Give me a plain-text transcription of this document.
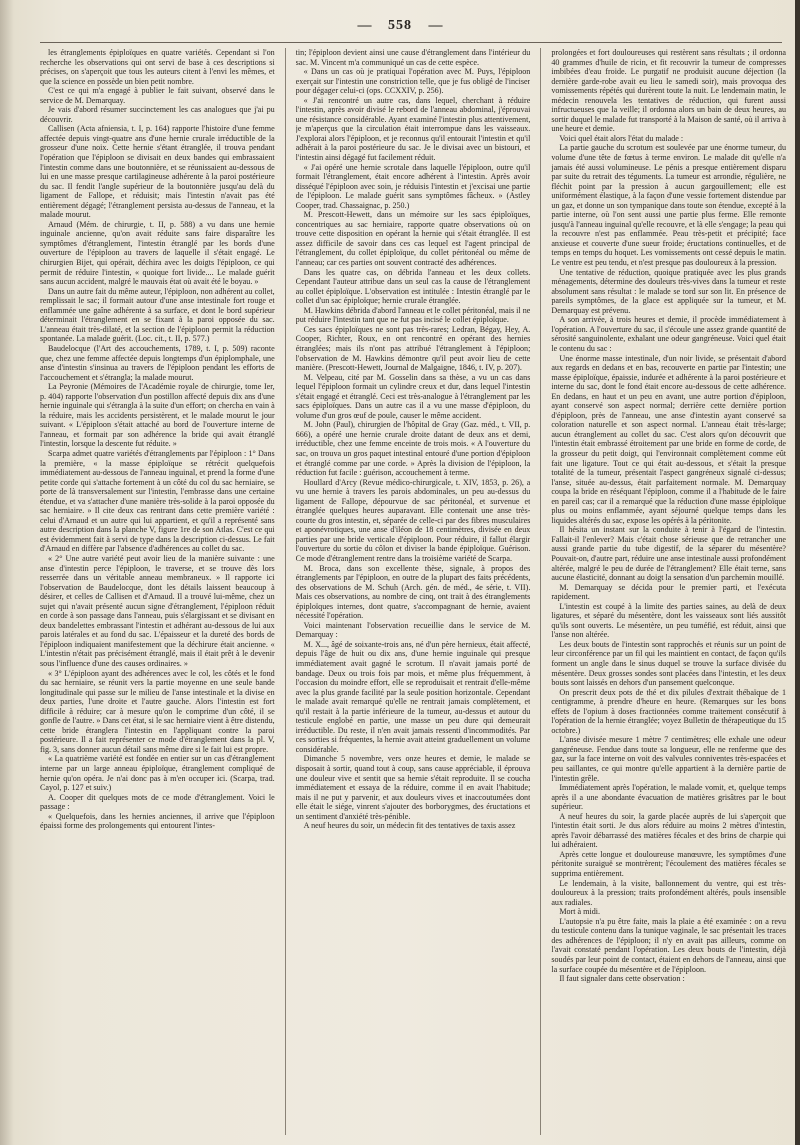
— 558 —

les étranglements épiploïques en quatre variétés. Cependant si l'on recherche les observations qui ont servi de base à ces descriptions si précises, on s'aperçoit que tous les auteurs citent à l'envi les mêmes, et que la science en possède un bien petit nombre.

C'est ce qui m'a engagé à publier le fait suivant, observé dans le service de M. Demarquay.

Je vais d'abord résumer succinctement les cas analogues que j'ai pu découvrir.

Callisen (Acta afniensia, t. I, p. 164) rapporte l'histoire d'une femme affectée depuis vingt-quatre ans d'une hernie crurale irréductible de la grosseur d'une noix. Cette hernie s'étant étranglée, il trouva pendant l'opération que l'épiploon se divisait en deux bandes qui embrassaient l'intestin comme dans une boutonnière, et se réunissaient au-dessous de lui en une masse presque cartilagineuse adhérente à la paroi postérieure du sac. Il fendit l'angle supérieur de la boutonnière jusqu'au delà du ligament de Fallope, et réduisit; mais l'intestin n'avait pas été entièrement dégagé; l'étranglement persista au-dessus de l'anneau, et la malade mourut.

Arnaud (Mém. de chirurgie, t. II, p. 588) a vu dans une hernie inguinale ancienne, qu'on avait réduite sans faire disparaître les symptômes d'étranglement, l'intestin étranglé par les bords d'une ouverture de l'épiploon au travers de laquelle il s'était engagé. Le chirurgien Bijet, qui opérait, déchira avec les doigts l'épiploon, ce qui permit de réduire l'intestin, « quoique fort livide.... Le malade guérit sans aucun accident, malgré le mauvais état où avait été le boyau. »

Dans un autre fait du même auteur, l'épiploon, non adhérent au collet, remplissait le sac; il formait autour d'une anse intestinale fort rouge et enflammée une gaîne adhérente à sa surface, et dont le bord supérieur déterminait l'étranglement en se fixant à la paroi opposée du sac. L'anneau était très-dilaté, et la section de l'épiploon permit la réduction spontanée. La malade guérit. (Loc. cit., t. II, p. 577.)

Baudelocque (l'Art des accouchements, 1789, t. I, p. 509) raconte que, chez une femme affectée depuis longtemps d'un épiplomphale, une anse d'intestin s'insinua au travers de l'épiploon pendant les efforts de l'accouchement et s'étrangla; la malade mourut.

La Peyronie (Mémoires de l'Académie royale de chirurgie, tome Ier, p. 404) rapporte l'observation d'un postillon affecté depuis dix ans d'une hernie inguinale qui s'étrangla à la suite d'un effort; on chercha en vain à la réduire, mais les accidents persistèrent, et le malade mourut le jour suivant. « L'épiploon s'était attaché au bord de l'ouverture interne de l'anneau, et formait par son adhérence la bride qui avait étranglé l'intestin, lorsque la descente fut réduite. »

Scarpa admet quatre variétés d'étranglements par l'épiploon : 1° Dans la première, « la masse épiploïque se rétrécit quelquefois immédiatement au-dessous de l'anneau inguinal, et prend la forme d'une petite corde qui s'attache fortement à un côté du col du sac herniaire, se porte de là transversalement sur l'intestin, l'embrasse dans une certaine étendue, et va s'attacher d'une manière très-solide à la paroi opposée du sac herniaire. » Il cite deux cas rentrant dans cette première variété : celui d'Arnaud et un autre qui lui appartient, et qu'il a représenté sans autre description dans la planche V, figure 1re de son Atlas. C'est ce qui est évidemment fait à servi de type dans la description ci-dessus. Le fait d'Arnaud en diffère par l'absence d'adhérences au collet du sac.

« 2° Une autre variété peut avoir lieu de la manière suivante : une anse d'intestin perce l'épiploon, le traverse, et se trouve dès lors resserrée dans un véritable anneau membraneux. » Il rapporte ici l'observation de Baudelocque, dont les détails laissent beaucoup à désirer, et celles de Callisen et d'Arnaud. Il a trouvé lui-même, chez un sujet qui n'avait présenté aucun signe d'étranglement, l'épiploon réduit en corde à son passage dans l'anneau, puis s'élargissant et se divisant en deux bandelettes embrassant l'intestin et adhérant au-dessous de lui aux parois latérales et au fond du sac. L'épaisseur et la dureté des bords de l'épiploon indiquaient manifestement que la déchirure était ancienne. « L'intestin n'était pas précisément étranglé, mais il était prêt à le devenir sous l'influence d'une des causes ordinaires. »

« 3° L'épiploon ayant des adhérences avec le col, les côtés et le fond du sac herniaire, se réunit vers la partie moyenne en une seule bande longitudinale qui passe sur le milieu de l'anse intestinale et la divise en deux parties, l'une droite et l'autre gauche. Alors l'intestin est fort difficile à réduire; car à mesure qu'on le comprime d'un côté, il se gonfle de l'autre. » Dans cet état, si le sac herniaire vient à être distendu, cette bride étranglera l'intestin en l'appliquant contre la paroi postérieure. Il a fait représenter ce mode d'étranglement dans la pl. V, fig. 3, sans donner aucun détail sans même dire si le fait lui est propre.

« La quatrième variété est fondée en entier sur un cas d'étranglement interne par un large anneau épiploïque, étranglement compliqué de hernie qu'on opéra. Je n'ai donc pas à m'en occuper ici. (Scarpa, trad. Cayol, p. 127 et suiv.)

A. Cooper dit quelques mots de ce mode d'étranglement. Voici le passage :

« Quelquefois, dans les hernies anciennes, il arrive que l'épiploon épaissi forme des prolongements qui entourent l'intes-

tin; l'épiploon devient ainsi une cause d'étranglement dans l'intérieur du sac. M. Vincent m'a communiqué un cas de cette espèce.

« Dans un cas où je pratiquai l'opération avec M. Puys, l'épiploon exerçait sur l'intestin une constriction telle, que je fus obligé de l'inciser pour dégager celui-ci (ops. CCXXIV, p. 256).

« J'ai rencontré un autre cas, dans lequel, cherchant à réduire l'intestin, après avoir divisé le rebord de l'anneau abdominal, j'éprouvai une résistance considérable. Ayant examiné l'intestin plus attentivement, je m'aperçus que la circulation était interrompue dans les vaisseaux. J'explorai alors l'épiploon, et je reconnus qu'il entourait l'intestin et qu'il adhérait à la paroi postérieure du sac. Je le divisai avec un bistouri, et l'intestin ainsi dégagé fut facilement réduit.

« J'ai opéré une hernie scrotale dans laquelle l'épiploon, outre qu'il formait l'étranglement, était encore adhérent à l'intestin. Après avoir disséqué l'épiploon avec soin, je réduisis l'intestin et j'excisai une partie de l'épiploon. Le malade guérit sans symptômes fâcheux. » (Astley Cooper, trad. Chassaignac, p. 250.)

M. Prescott-Hewett, dans un mémoire sur les sacs épiploïques, concentriques au sac herniaire, rapporte quatre observations où on trouve cette disposition en opérant la hernie qui s'était étranglée. Il est assez difficile de savoir dans ces cas lequel est l'agent principal de l'étranglement, du collet épiploïque, du collet péritonéal ou même de l'anneau; car ces parties ont souvent contracté des adhérences.

Dans les quatre cas, on débrida l'anneau et les deux collets. Cependant l'auteur attribue dans un seul cas la cause de l'étranglement au collet épiploïque. L'observation est intitulée : Intestin étranglé par le collet d'un sac épiploïque; hernie crurale étranglée.

M. Hawkins débrida d'abord l'anneau et le collet péritonéal, mais il ne put réduire l'intestin tant que ne fut pas incisé le collet épiploïque.

Ces sacs épiploïques ne sont pas très-rares; Ledran, Bégay, Hey, A. Cooper, Richter, Roux, en ont rencontré en opérant des hernies étranglées; mais ils n'ont pas attribué l'étranglement à l'épiploon; l'observation de M. Hawkins démontre qu'il peut avoir lieu de cette manière. (Prescott-Hewett, Journal de Malgaigne, 1846, t. IV, p. 207).

M. Velpeau, cité par M. Gosselin dans sa thèse, a vu un cas dans lequel l'épiploon formait un cylindre creux et dur, dans lequel l'intestin s'était engagé et étranglé. Ceci est très-analogue à l'étranglement par les sacs épiploïques. Dans un autre cas il a vu une masse d'épiploon, du volume d'un gros œuf de poule, causer le même accident.

M. John (Paul), chirurgien de l'hôpital de Gray (Gaz. méd., t. VII, p. 666), a opéré une hernie crurale droite datant de deux ans et demi, irréductible, chez une femme enceinte de trois mois. « A l'ouverture du sac, on trouva un gros paquet intestinal entouré d'une portion d'épiploon et étranglé comme par une corde. » Après la division de l'épiploon, la réduction fut facile : guérison, accouchement à terme.

Houllard d'Arcy (Revue médico-chirurgicale, t. XIV, 1853, p. 26), a vu une hernie à travers les parois abdominales, un peu au-dessus du ligament de Fallope, dépourvue de sac péritonéal, et survenue et étranglée quelques heures auparavant. Elle contenait une anse très-courte du gros intestin, et, séparée de celle-ci par des fibres musculaires et aponévrotiques, une anse d'iléon de 18 centimètres, divisée en deux parties par une bride verticale d'épiploon. Pour réduire, il fallut élargir l'ouverture du sortie du côlon et diviser la bande épiploïque. Guérison. Ce mode d'étranglement rentre dans la troisième variété de Scarpa.

M. Broca, dans son excellente thèse, signale, à propos des étranglements par l'épiploon, en outre de la plupart des faits précédents, des observations de M. Schuh (Arch. gén. de méd., 4e série, t. VII). Mais ces observations, au nombre de cinq, ont trait à des étranglements épiploïques internes, dont quatre, s'accompagnant de hernie, avaient nécessité l'opération.

Voici maintenant l'observation recueillie dans le service de M. Demarquay :

M. X..., âgé de soixante-trois ans, né d'un père hernieux, était affecté, depuis l'âge de huit ou dix ans, d'une hernie inguinale qui presque immédiatement avait gagné le scrotum. Il n'avait jamais porté de bandage. Deux ou trois fois par mois, et même plus fréquemment, à l'occasion du moindre effort, elle se reproduisait et rentrait d'elle-même avec la plus grande facilité par la seule position horizontale. Cependant le malade avait remarqué qu'elle ne rentrait jamais complètement, et qu'il restait à la partie inférieure de la tumeur, au-dessus et autour du testicule englobé en partie, une masse un peu dure qui demeurait irréductible. Du reste, il n'en avait jamais ressenti d'incommodités. Par ces sorties si fréquentes, la hernie avait atteint graduellement un volume considérable.

Dimanche 5 novembre, vers onze heures et demie, le malade se disposait à sortir, quand tout à coup, sans cause appréciable, il éprouva une douleur vive et sentit que sa hernie s'était reproduite. Il se coucha immédiatement et essaya de la réduire, comme il en avait l'habitude; mais il ne put y parvenir, et aux douleurs vives et inaccoutumées dont elle était le siége, vinrent s'ajouter des borborygmes, des éructations et un sentiment d'anxiété très-pénible.

A neuf heures du soir, un médecin fit des tentatives de taxis assez

prolongées et fort douloureuses qui restèrent sans résultats ; il ordonna 40 grammes d'huile de ricin, et fit recouvrir la tumeur de compresses imbibées d'eau froide. Le purgatif ne produisit aucune déjection (la dernière garde-robe avait eu lieu le samedi soir), mais provoqua des vomissements répétés qui durèrent toute la nuit. Le lendemain matin, le médecin renouvela les tentatives de réduction, qui furent aussi infructueuses que la veille; il ordonna alors un bain de deux heures, au sortir duquel le malade fut transporté à la Maison de santé, où il arriva à une heure et demie.

Voici quel était alors l'état du malade :

La partie gauche du scrotum est soulevée par une énorme tumeur, du volume d'une tête de fœtus à terme environ. Le malade dit qu'elle n'a jamais été aussi volumineuse. Le pénis a presque entièrement disparu par suite du retrait des téguments. La tumeur est arrondie, régulière, ne fléchit point par la pression à aucun gargouillement; elle est uniformément élastique, à la façon d'une vessie fortement distendue par un gaz, et donne un son tympanique dans toute son étendue, excepté à la partie interne, où l'on sent aussi une partie plus ferme. Elle remonte jusqu'à l'anneau inguinal qu'elle recouvre, et là elle s'engage; la peau qui la recouvre n'est pas enflammée. Peau très-petit et précipité; face anxieuse et couverte d'une sueur froide; éructations continuelles, et de temps en temps du hoquet. Les vomissements ont cessé depuis le matin. Le ventre est peu tendu, et n'est presque pas douloureux à la pression.

Une tentative de réduction, quoique pratiquée avec les plus grands ménagements, détermine des douleurs très-vives dans la tumeur et reste absolument sans résultat : le malade se tord sur son lit. En présence de pareils symptômes, de la glace est appliquée sur la tumeur, et M. Demarquay est prévenu.

A son arrivée, à trois heures et demie, il procède immédiatement à l'opération. A l'ouverture du sac, il s'écoule une assez grande quantité de sérosité sanguinolente, exhalant une odeur gangréneuse. Voici quel était le contenu du sac :

Une énorme masse intestinale, d'un noir livide, se présentait d'abord aux regards en dedans et en bas, recouverte en partie par l'intestin; une masse épiploïque, épaissie, indurée et adhérente à la paroi postérieure et interne du sac, dont le fond était encore au-dessous de cette adhérence. En dedans, en haut et un peu en avant, une autre portion d'épiploon, ayant conservé son aspect normal; derrière cette dernière portion d'épiploon, près de l'anneau, une anse d'intestin ayant conservé sa coloration naturelle et son aspect normal. L'anneau était très-large; aucun étranglement au collet du sac. C'est alors qu'on découvrit que l'intestin était embrassé étroitement par une bride en forme de corde, de la grosseur du petit doigt, qui l'environnait complètement comme eût fait une ligature. Tout ce qui était au-dessous, et s'était la presque totalité de la tumeur, présentait l'aspect gangréneux signalé ci-dessus; l'anse, située au-dessus, était parfaitement normale. M. Demarquay coupa la bride en réséquant l'épiploon, comme il a l'habitude de le faire en pareil cas; car il a remarqué que la réduction d'une masse épiploïque plus ou moins enflammée, ayant séjourné quelque temps dans les liquides altérés du sac, expose les opérés à la péritonite.

Il hésita un instant sur la conduite à tenir à l'égard de l'intestin. Fallait-il l'enlever? Mais c'était chose sérieuse que de retrancher une aussi grande partie du tube digestif, de la séparer du mésentère? Pouvait-on, d'autre part, réduire une anse intestinale aussi profondément altérée, malgré le peu de durée de l'étranglement? Elle était terne, sans aucune élasticité, donnant au doigt la sensation d'un parchemin mouillé.

M. Demarquay se décida pour le premier parti, et l'exécuta rapidement.

L'intestin est coupé à la limite des parties saines, au delà de deux ligatures, et séparé du mésentère, dont les vaisseaux sont liés aussitôt qu'ils sont ouverts. Le mésentère, un peu tuméfié, est réduit, ainsi que l'anse non altérée.

Les deux bouts de l'intestin sont rapprochés et réunis sur un point de leur circonférence par un fil qui les maintient en contact, de façon qu'ils forment un angle dans le sinus duquel se trouve la surface divisée du mésentère. Deux grosses sondes sont placées dans l'intestin, et les deux bouts sont laissés en dehors d'un pansement quelconque.

On prescrit deux pots de thé et dix pilules d'extrait thébaïque de 1 centigramme, à prendre d'heure en heure. (Remarques sur les bons effets de l'opium à doses fractionnées comme traitement consécutif à l'opération de la hernie étranglée; voyez Bulletin de thérapeutique du 15 octobre.)

L'anse divisée mesure 1 mètre 7 centimètres; elle exhale une odeur gangréneuse. Fendue dans toute sa longueur, elle ne renferme que des gaz, sur la face interne on voit des valvules conniventes très-espacées et peu saillantes, ce qui montre qu'elle appartient à la dernière partie de l'intestin grêle.

Immédiatement après l'opération, le malade vomit, et, quelque temps après il a une abondante évacuation de matières grisâtres par le bout supérieur.

A neuf heures du soir, la garde placée auprès de lui s'aperçoit que l'intestin était sorti. Je dus alors réduire au moins 2 mètres d'intestin, après l'avoir débarrassé des matières fécales et des brins de charpie qui lui adhéraient.

Après cette longue et douloureuse manœuvre, les symptômes d'une péritonite suraiguë se montrèrent; l'écoulement des matières fécales se supprima entièrement.

Le lendemain, à la visite, ballonnement du ventre, qui est très-douloureux à la pression; traits profondément altérés, pouls insensible aux radiales.

Mort à midi.

L'autopsie n'a pu être faite, mais la plaie a été examinée : on a revu du testicule contenu dans la tunique vaginale, le sac présentait les traces des adhérences de l'épiploon; il n'y en avait pas ailleurs, comme on l'avait constaté pendant l'opération. Les deux bouts de l'intestin, déjà soudés par leur point de contact, étaient en dehors de l'anneau, ainsi que la surface coupée du mésentère et de l'épiploon.

Il faut signaler dans cette observation :
